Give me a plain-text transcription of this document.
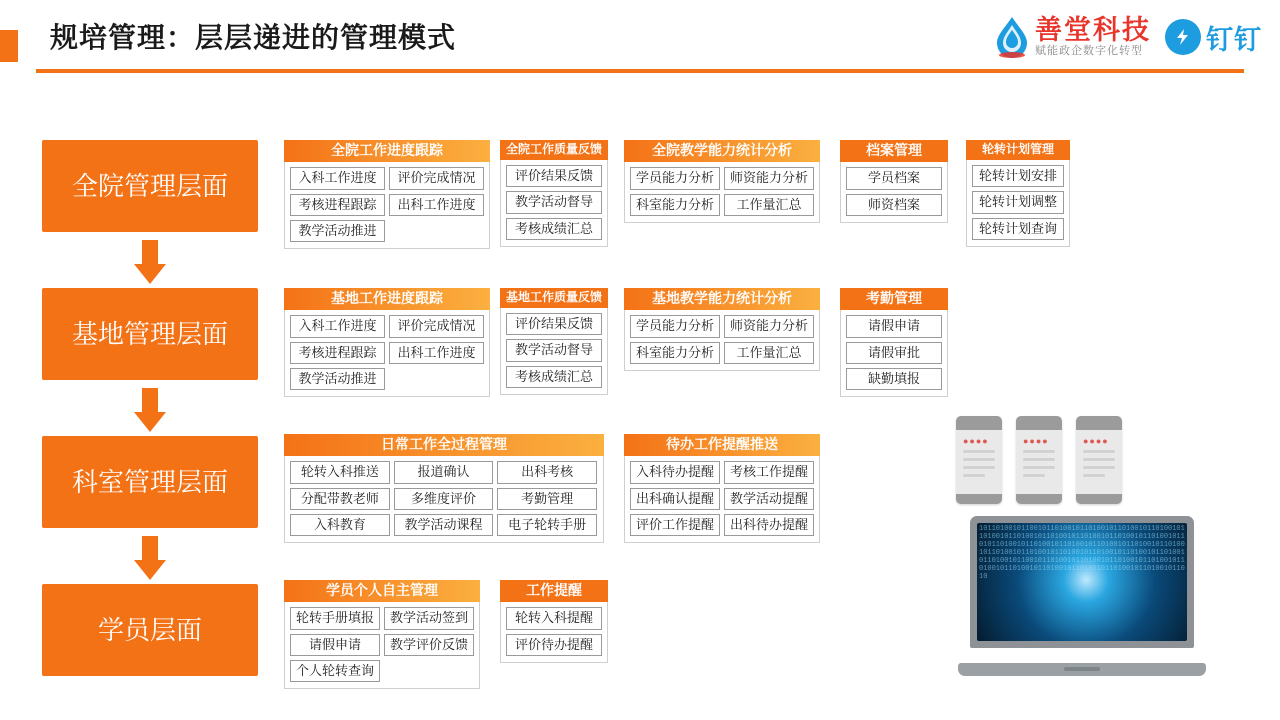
规培管理：层层递进的管理模式	善堂科技
赋能政企数字化转型 钉钉
全院管理层面
基地管理层面
科室管理层面
学员层面
全院工作进度跟踪
入科工作进度	评价完成情况
考核进程跟踪	出科工作进度
教学活动推进
全院工作质量反馈
评价结果反馈
教学活动督导
考核成绩汇总
全院教学能力统计分析
学员能力分析	师资能力分析
科室能力分析	工作量汇总
档案管理
学员档案
师资档案
轮转计划管理
轮转计划安排
轮转计划调整
轮转计划查询
基地工作进度跟踪
入科工作进度	评价完成情况
考核进程跟踪	出科工作进度
教学活动推进
基地工作质量反馈
评价结果反馈
教学活动督导
考核成绩汇总
基地教学能力统计分析
学员能力分析	师资能力分析
科室能力分析	工作量汇总
考勤管理
请假申请
请假审批
缺勤填报
日常工作全过程管理
轮转入科推送	报道确认	出科考核
分配带教老师	多维度评价	考勤管理
入科教育	教学活动课程	电子轮转手册
待办工作提醒推送
入科待办提醒	考核工作提醒
出科确认提醒	教学活动提醒
评价工作提醒	出科待办提醒
学员个人自主管理
轮转手册填报	教学活动签到
请假申请	教学评价反馈
个人轮转查询
工作提醒
轮转入科提醒
评价待办提醒
●●●●	●●●●	●●●●
10110100101100101101001011010010110100101101001011010010110100101101001011010010110100101101001011010110100101101001011010010110100101101001011010010110100101101001011010010110100101101001011010010110100101100101101001011010010110100101101001011010010110100101101001011010010110100101101001011010
